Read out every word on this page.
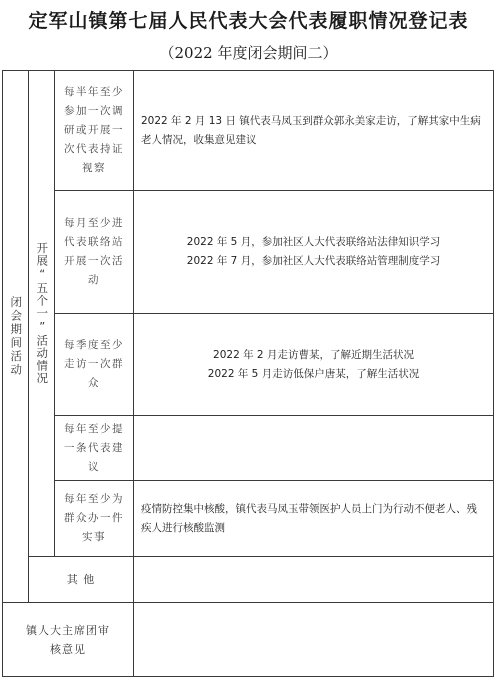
定军山镇第七届人民代表大会代表履职情况登记表
（2022 年度闭会期间二）
闭会期间活动	开展“五个一”活动情况
每半年至少参加一次调研或开展一次代表持证视察

2022 年 2 月 13 日 镇代表马凤玉到群众郭永美家走访，了解其家中生病老人情况，收集意见建议

每月至少进代表联络站开展一次活动

2022 年 5 月，参加社区人大代表联络站法律知识学习

2022 年 7 月，参加社区人大代表联络站管理制度学习

每季度至少走访一次群众

2022 年 2 月走访曹某，了解近期生活状况

2022 年 5 月走访低保户唐某，了解生活状况

每年至少提一条代表建议
每年至少为群众办一件实事

疫情防控集中核酸，镇代表马凤玉带领医护人员上门为行动不便老人、残疾人进行核酸监测

其 他
镇人大主席团审核意见
